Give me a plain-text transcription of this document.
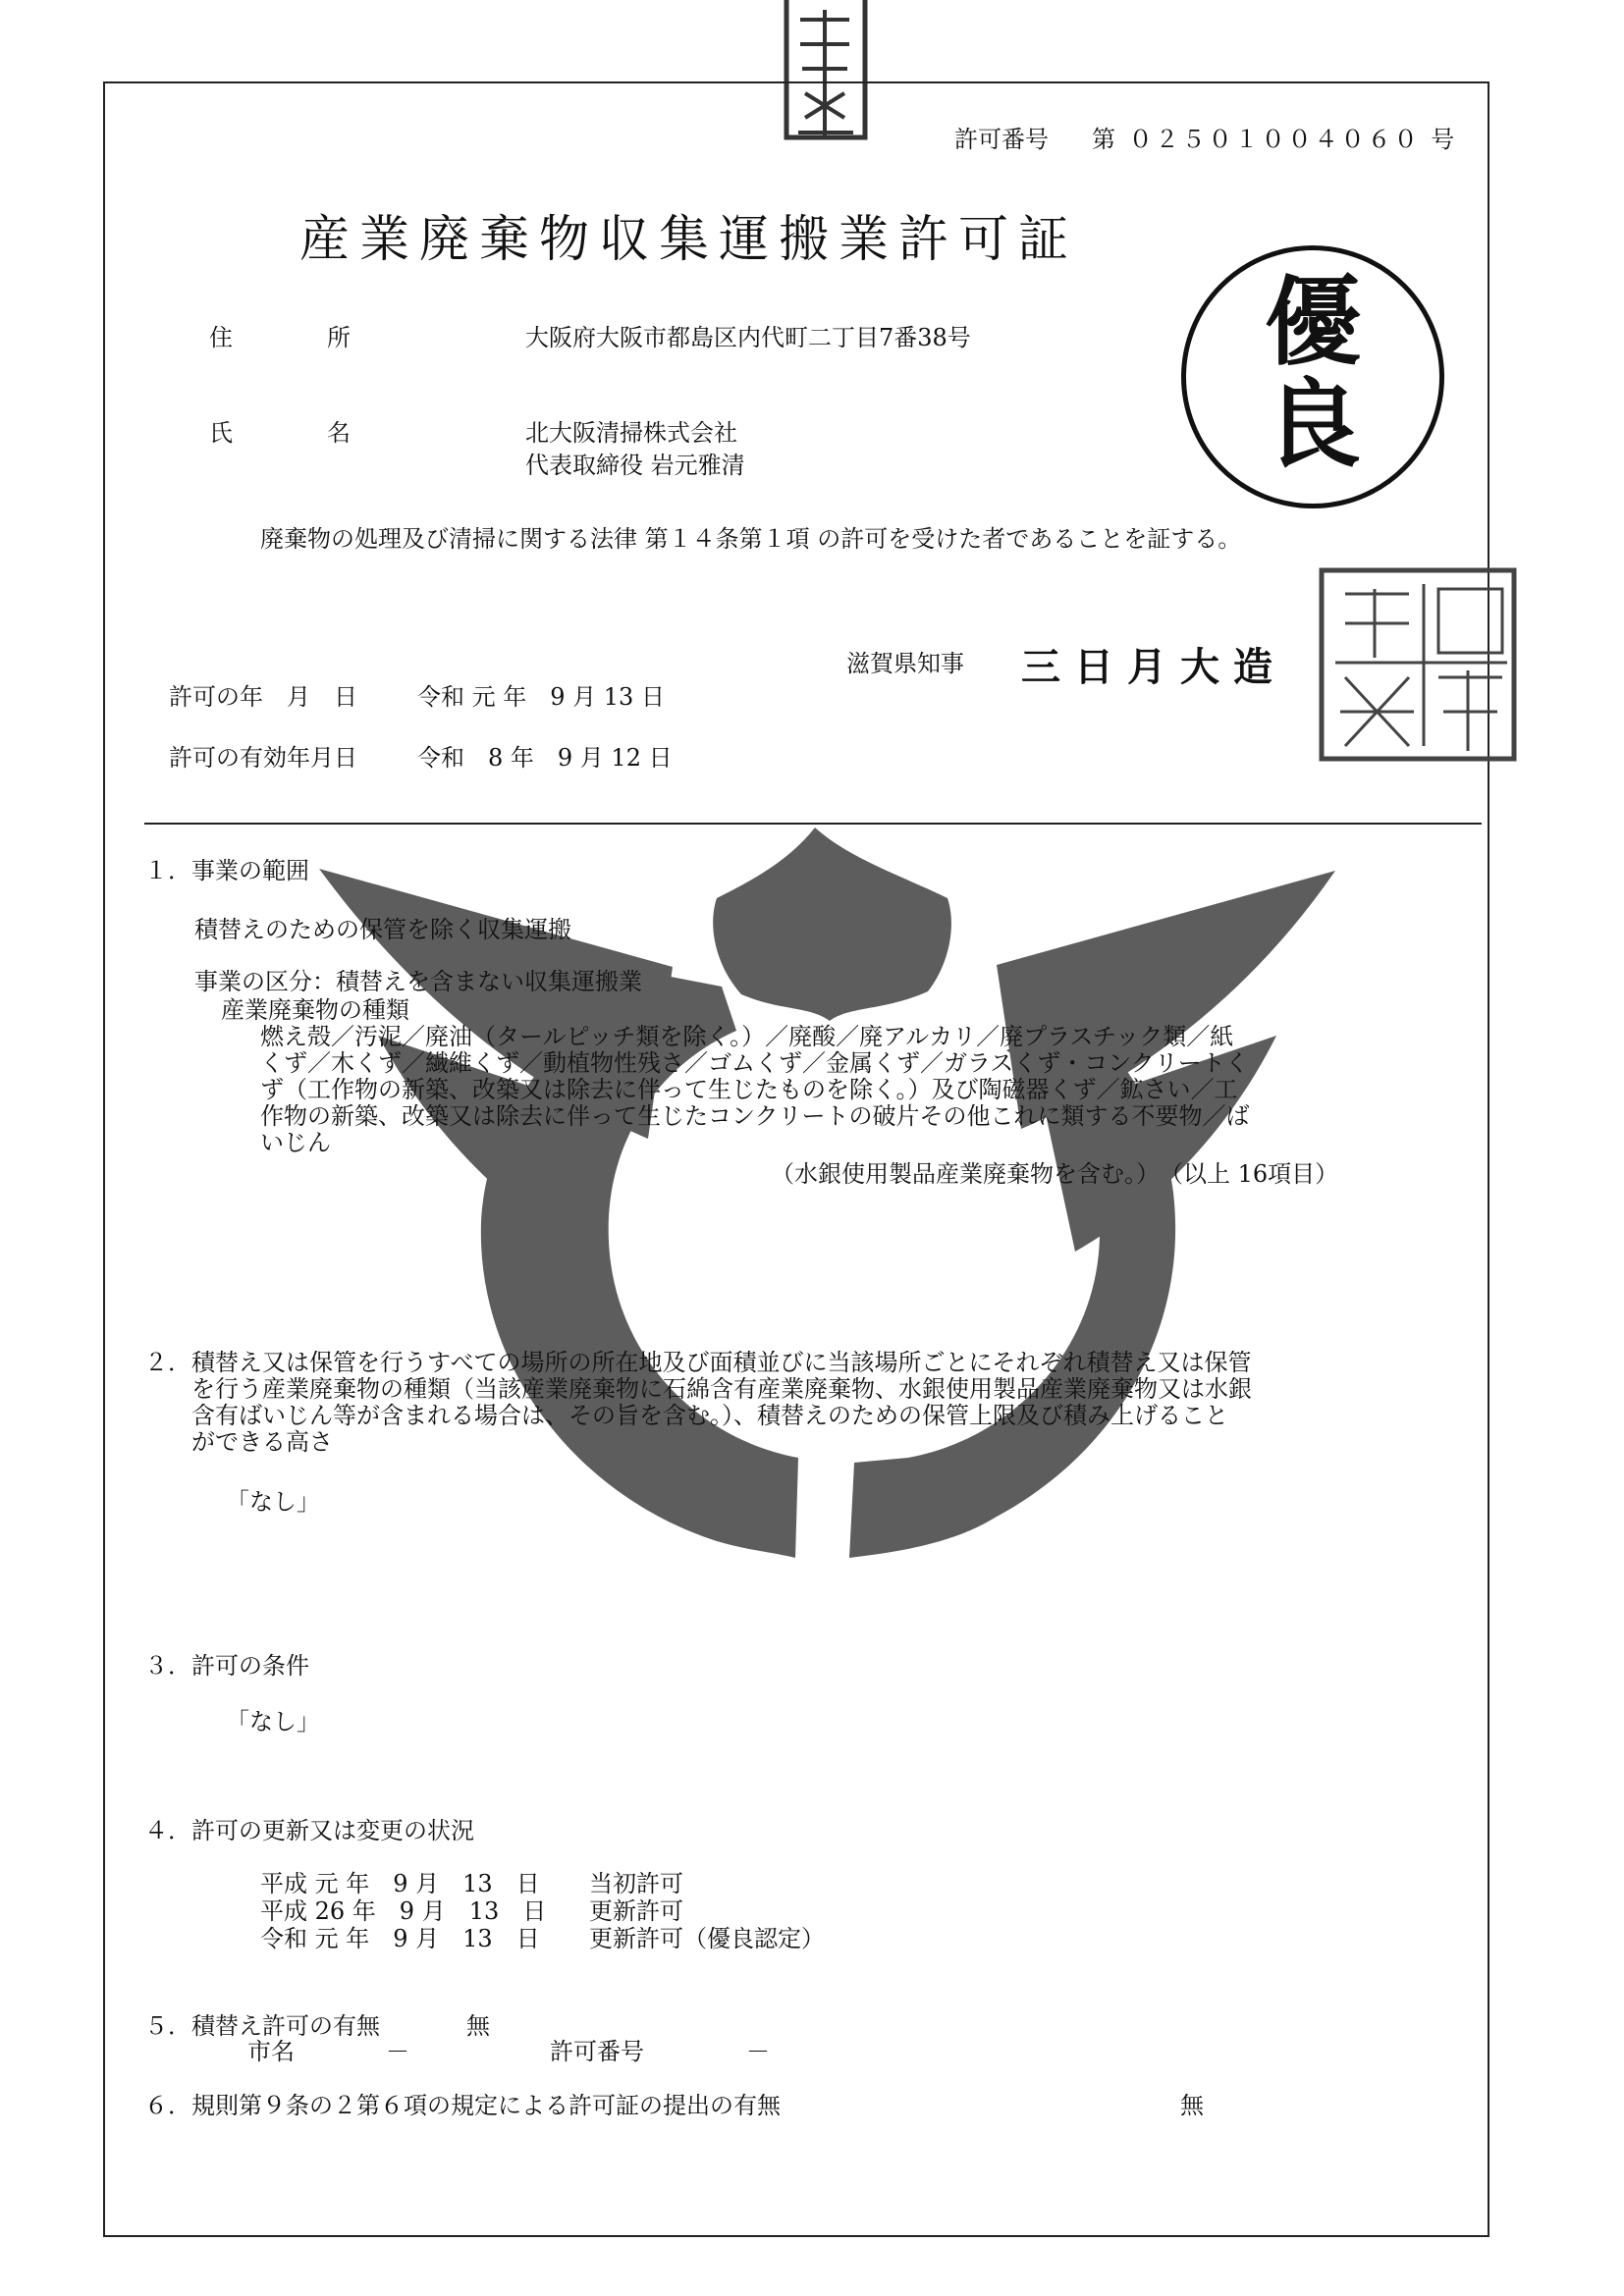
優
良
許可番号 第 ０２５０１００４０６０ 号
産業廃棄物収集運搬業許可証
住　　　　所	大阪府大阪市都島区内代町二丁目7番38号
氏　　　　名	北大阪清掃株式会社
代表取締役 岩元雅清
廃棄物の処理及び清掃に関する法律 第１４条第１項 の許可を受けた者であることを証する。
滋賀県知事 三日月大造
許可の年　月　日	令和 元 年　9 月 13 日
許可の有効年月日	令和　8 年　9 月 12 日
１．事業の範囲
積替えのための保管を除く収集運搬
事業の区分：積替えを含まない収集運搬業
産業廃棄物の種類
燃え殻／汚泥／廃油（タールピッチ類を除く。）／廃酸／廃アルカリ／廃プラスチック類／紙
くず／木くず／繊維くず／動植物性残さ／ゴムくず／金属くず／ガラスくず・コンクリートく
ず（工作物の新築、改築又は除去に伴って生じたものを除く。）及び陶磁器くず／鉱さい／工
作物の新築、改築又は除去に伴って生じたコンクリートの破片その他これに類する不要物／ば
いじん
（水銀使用製品産業廃棄物を含む。）　（以上 16項目）
２．積替え又は保管を行うすべての場所の所在地及び面積並びに当該場所ごとにそれぞれ積替え又は保管
を行う産業廃棄物の種類（当該産業廃棄物に石綿含有産業廃棄物、水銀使用製品産業廃棄物又は水銀
含有ばいじん等が含まれる場合は、その旨を含む。）、積替えのための保管上限及び積み上げること
ができる高さ
「なし」
３．許可の条件
「なし」
４．許可の更新又は変更の状況
平成 元 年　9 月　13　日 当初許可
平成 26 年　9 月　13　日 更新許可
令和 元 年　9 月　13　日 更新許可（優良認定）
５．積替え許可の有無	無
市名	－	許可番号	－
６．規則第９条の２第６項の規定による許可証の提出の有無	無
